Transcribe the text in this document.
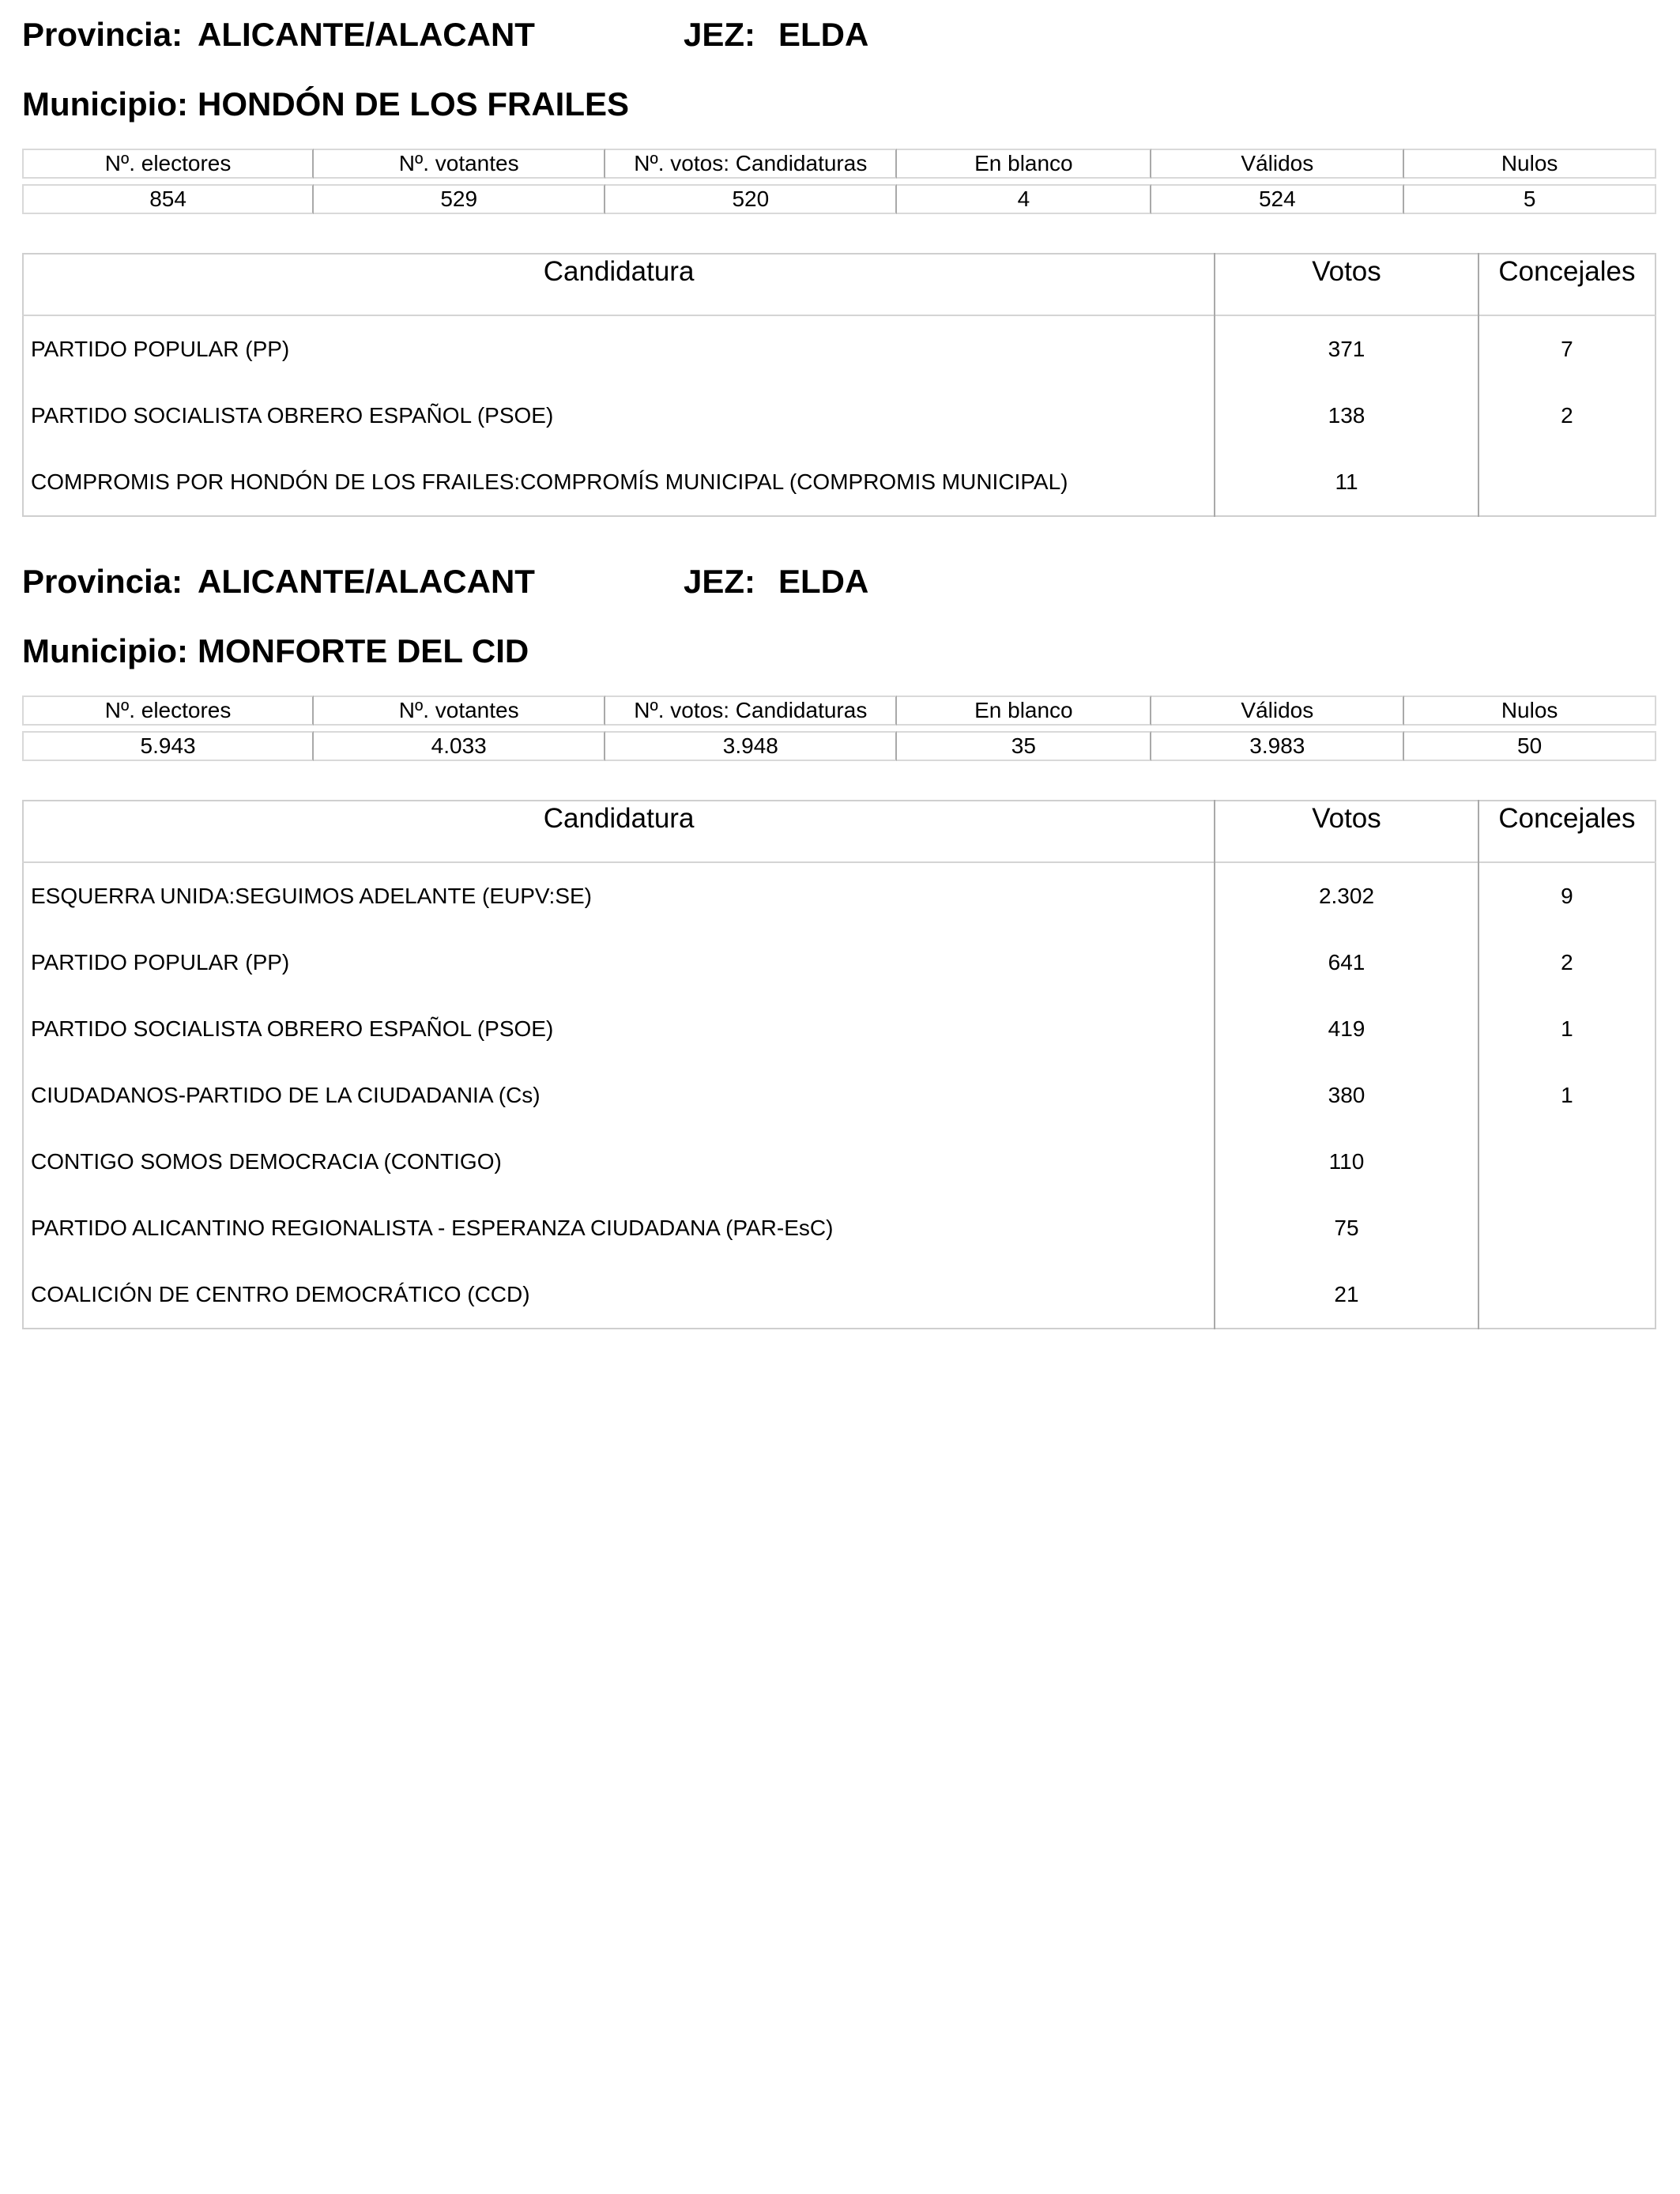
Provincia: ALICANTE/ALACANT	JEZ: ELDA
Municipio: HONDÓN DE LOS FRAILES
Nº. electores	Nº. votantes	Nº. votos: Candidaturas	En blanco	Válidos	Nulos
854	529	520	4	524	5
Candidatura	Votos	Concejales
PARTIDO POPULAR (PP)	371	7
PARTIDO SOCIALISTA OBRERO ESPAÑOL (PSOE)	138	2
COMPROMIS POR HONDÓN DE LOS FRAILES:COMPROMÍS MUNICIPAL (COMPROMIS MUNICIPAL)	11	
Provincia: ALICANTE/ALACANT	JEZ: ELDA
Municipio: MONFORTE DEL CID
Nº. electores	Nº. votantes	Nº. votos: Candidaturas	En blanco	Válidos	Nulos
5.943	4.033	3.948	35	3.983	50
Candidatura	Votos	Concejales
ESQUERRA UNIDA:SEGUIMOS ADELANTE (EUPV:SE)	2.302	9
PARTIDO POPULAR (PP)	641	2
PARTIDO SOCIALISTA OBRERO ESPAÑOL (PSOE)	419	1
CIUDADANOS-PARTIDO DE LA CIUDADANIA (Cs)	380	1
CONTIGO SOMOS DEMOCRACIA (CONTIGO)	110	
PARTIDO ALICANTINO REGIONALISTA - ESPERANZA CIUDADANA (PAR-EsC)	75	
COALICIÓN DE CENTRO DEMOCRÁTICO (CCD)	21	
